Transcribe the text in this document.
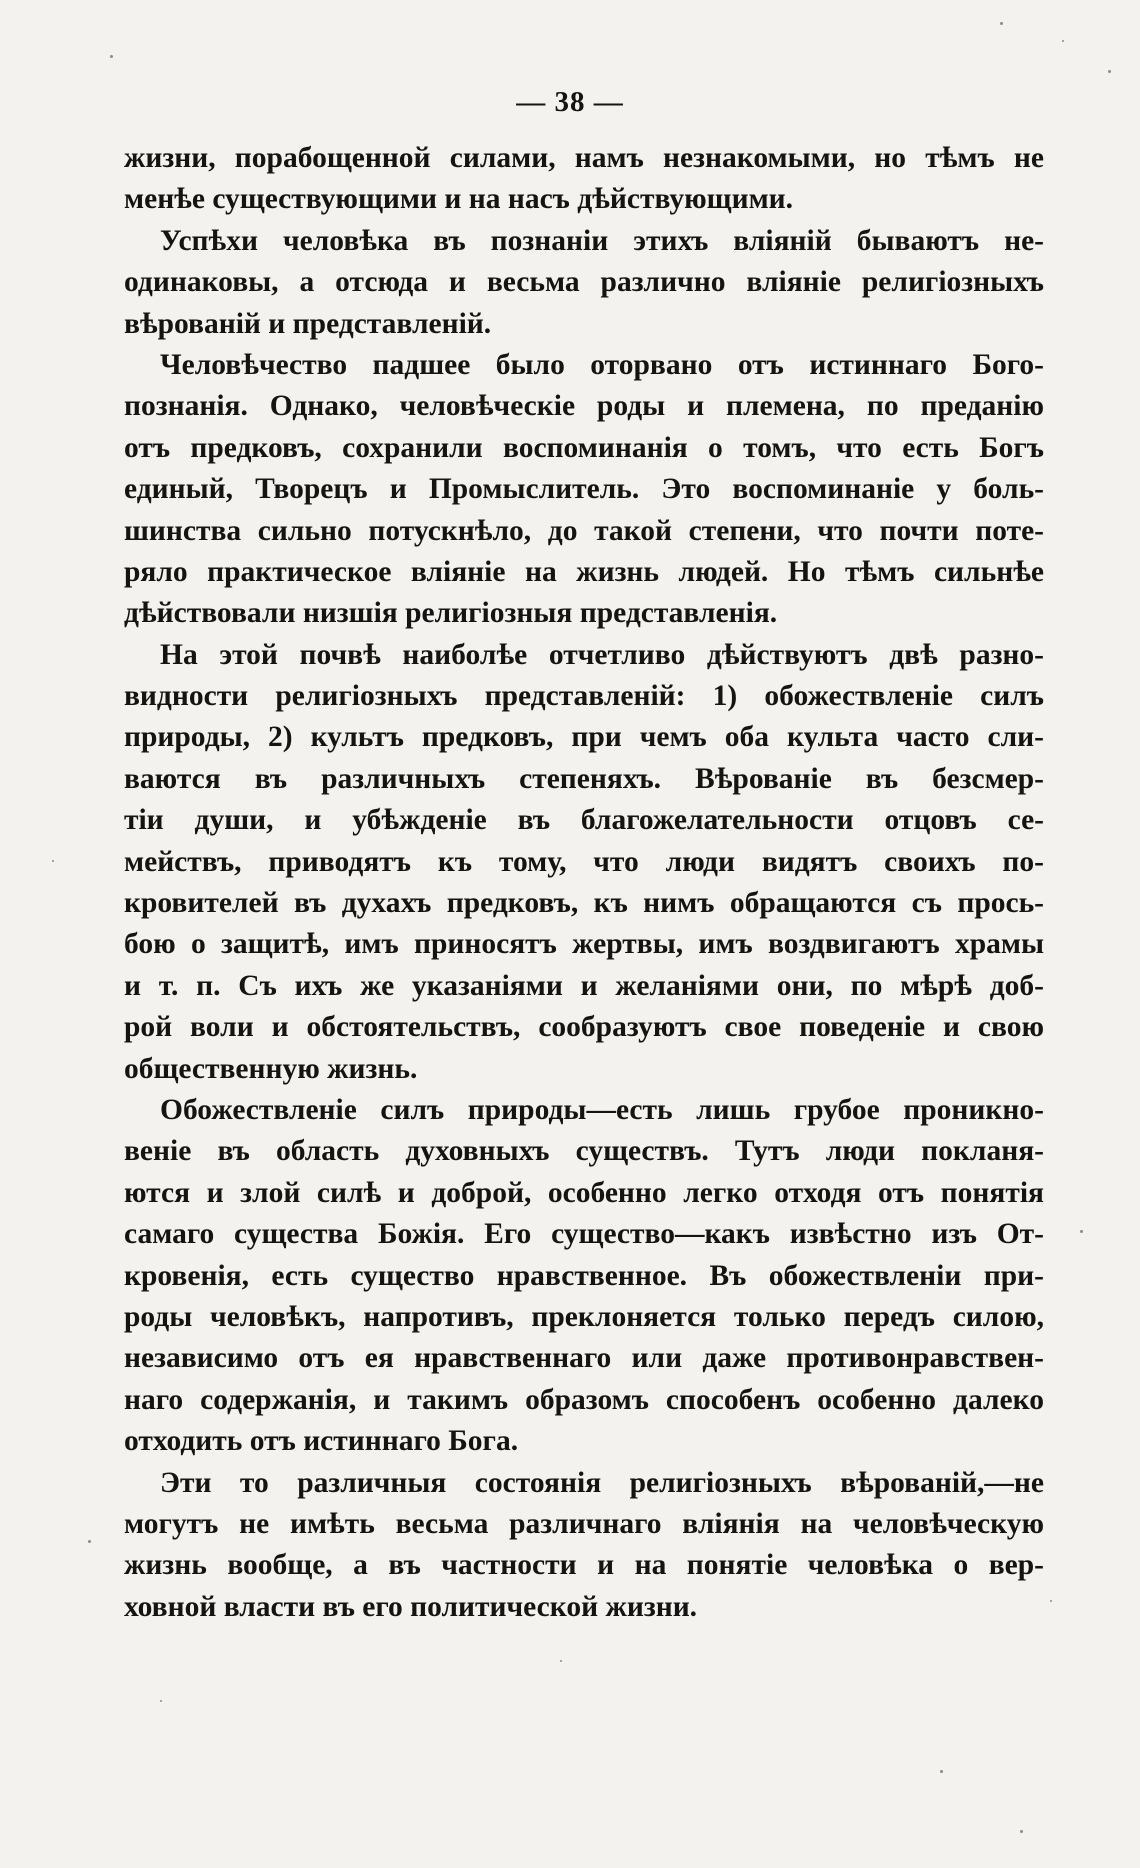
— 38 —
жизни, порабощенной силами, намъ незнакомыми, но тѣмъ не
менѣе существующими и на насъ дѣйствующими.
Успѣхи человѣка въ познаніи этихъ вліяній бываютъ не-
одинаковы, а отсюда и весьма различно вліяніе религіозныхъ
вѣрованій и представленій.
Человѣчество падшее было оторвано отъ истиннаго Бого-
познанія. Однако, человѣческіе роды и племена, по преданію
отъ предковъ, сохранили воспоминанія о томъ, что есть Богъ
единый, Творецъ и Промыслитель. Это воспоминаніе у боль-
шинства сильно потускнѣло, до такой степени, что почти поте-
ряло практическое вліяніе на жизнь людей. Но тѣмъ сильнѣе
дѣйствовали низшія религіозныя представленія.
На этой почвѣ наиболѣе отчетливо дѣйствуютъ двѣ разно-
видности религіозныхъ представленій: 1) обожествленіе силъ
природы, 2) культъ предковъ, при чемъ оба культа часто сли-
ваются въ различныхъ степеняхъ. Вѣрованіе въ безсмер-
тіи души, и убѣжденіе въ благожелательности отцовъ се-
мействъ, приводятъ къ тому, что люди видятъ своихъ по-
кровителей въ духахъ предковъ, къ нимъ обращаются съ прось-
бою о защитѣ, имъ приносятъ жертвы, имъ воздвигаютъ храмы
и т. п. Съ ихъ же указаніями и желаніями они, по мѣрѣ доб-
рой воли и обстоятельствъ, сообразуютъ свое поведеніе и свою
общественную жизнь.
Обожествленіе силъ природы—есть лишь грубое проникно-
веніе въ область духовныхъ существъ. Тутъ люди покланя-
ются и злой силѣ и доброй, особенно легко отходя отъ понятія
самаго существа Божія. Его существо—какъ извѣстно изъ От-
кровенія, есть существо нравственное. Въ обожествленіи при-
роды человѣкъ, напротивъ, преклоняется только передъ силою,
независимо отъ ея нравственнаго или даже противонравствен-
наго содержанія, и такимъ образомъ способенъ особенно далеко
отходить отъ истиннаго Бога.
Эти то различныя состоянія религіозныхъ вѣрованій,—не
могутъ не имѣть весьма различнаго вліянія на человѣческую
жизнь вообще, а въ частности и на понятіе человѣка о вер-
ховной власти въ его политической жизни.
